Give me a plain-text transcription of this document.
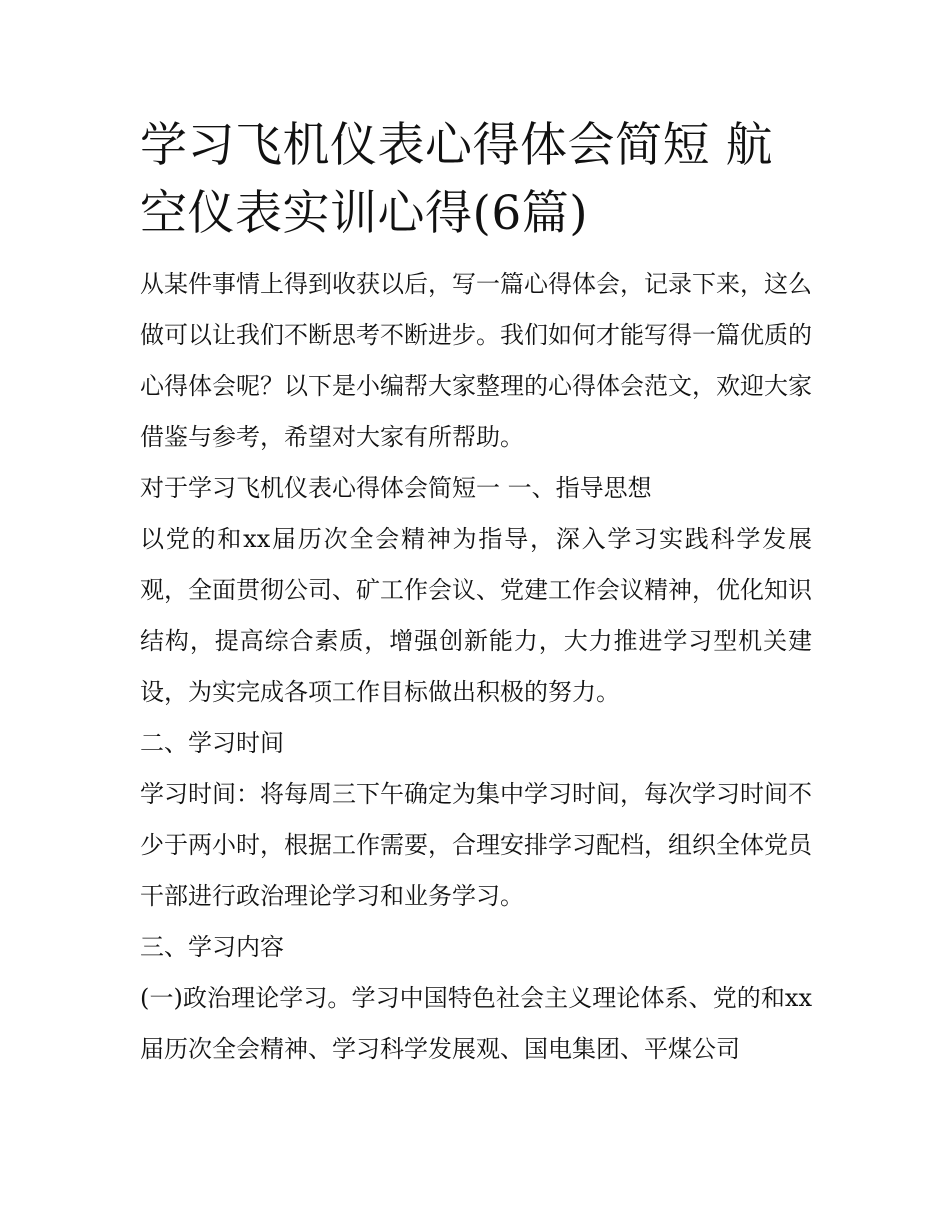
学习飞机仪表心得体会简短 航空仪表实训心得(6篇)

从某件事情上得到收获以后，写一篇心得体会，记录下来，这么做可以让我们不断思考不断进步。我们如何才能写得一篇优质的心得体会呢？以下是小编帮大家整理的心得体会范文，欢迎大家借鉴与参考，希望对大家有所帮助。

对于学习飞机仪表心得体会简短一 一、指导思想

以党的和xx届历次全会精神为指导，深入学习实践科学发展观，全面贯彻公司、矿工作会议、党建工作会议精神，优化知识结构，提高综合素质，增强创新能力，大力推进学习型机关建设，为实完成各项工作目标做出积极的努力。

二、学习时间

学习时间：将每周三下午确定为集中学习时间，每次学习时间不少于两小时，根据工作需要，合理安排学习配档，组织全体党员干部进行政治理论学习和业务学习。

三、学习内容

(一)政治理论学习。学习中国特色社会主义理论体系、党的和xx届历次全会精神、学习科学发展观、国电集团、平煤公司
